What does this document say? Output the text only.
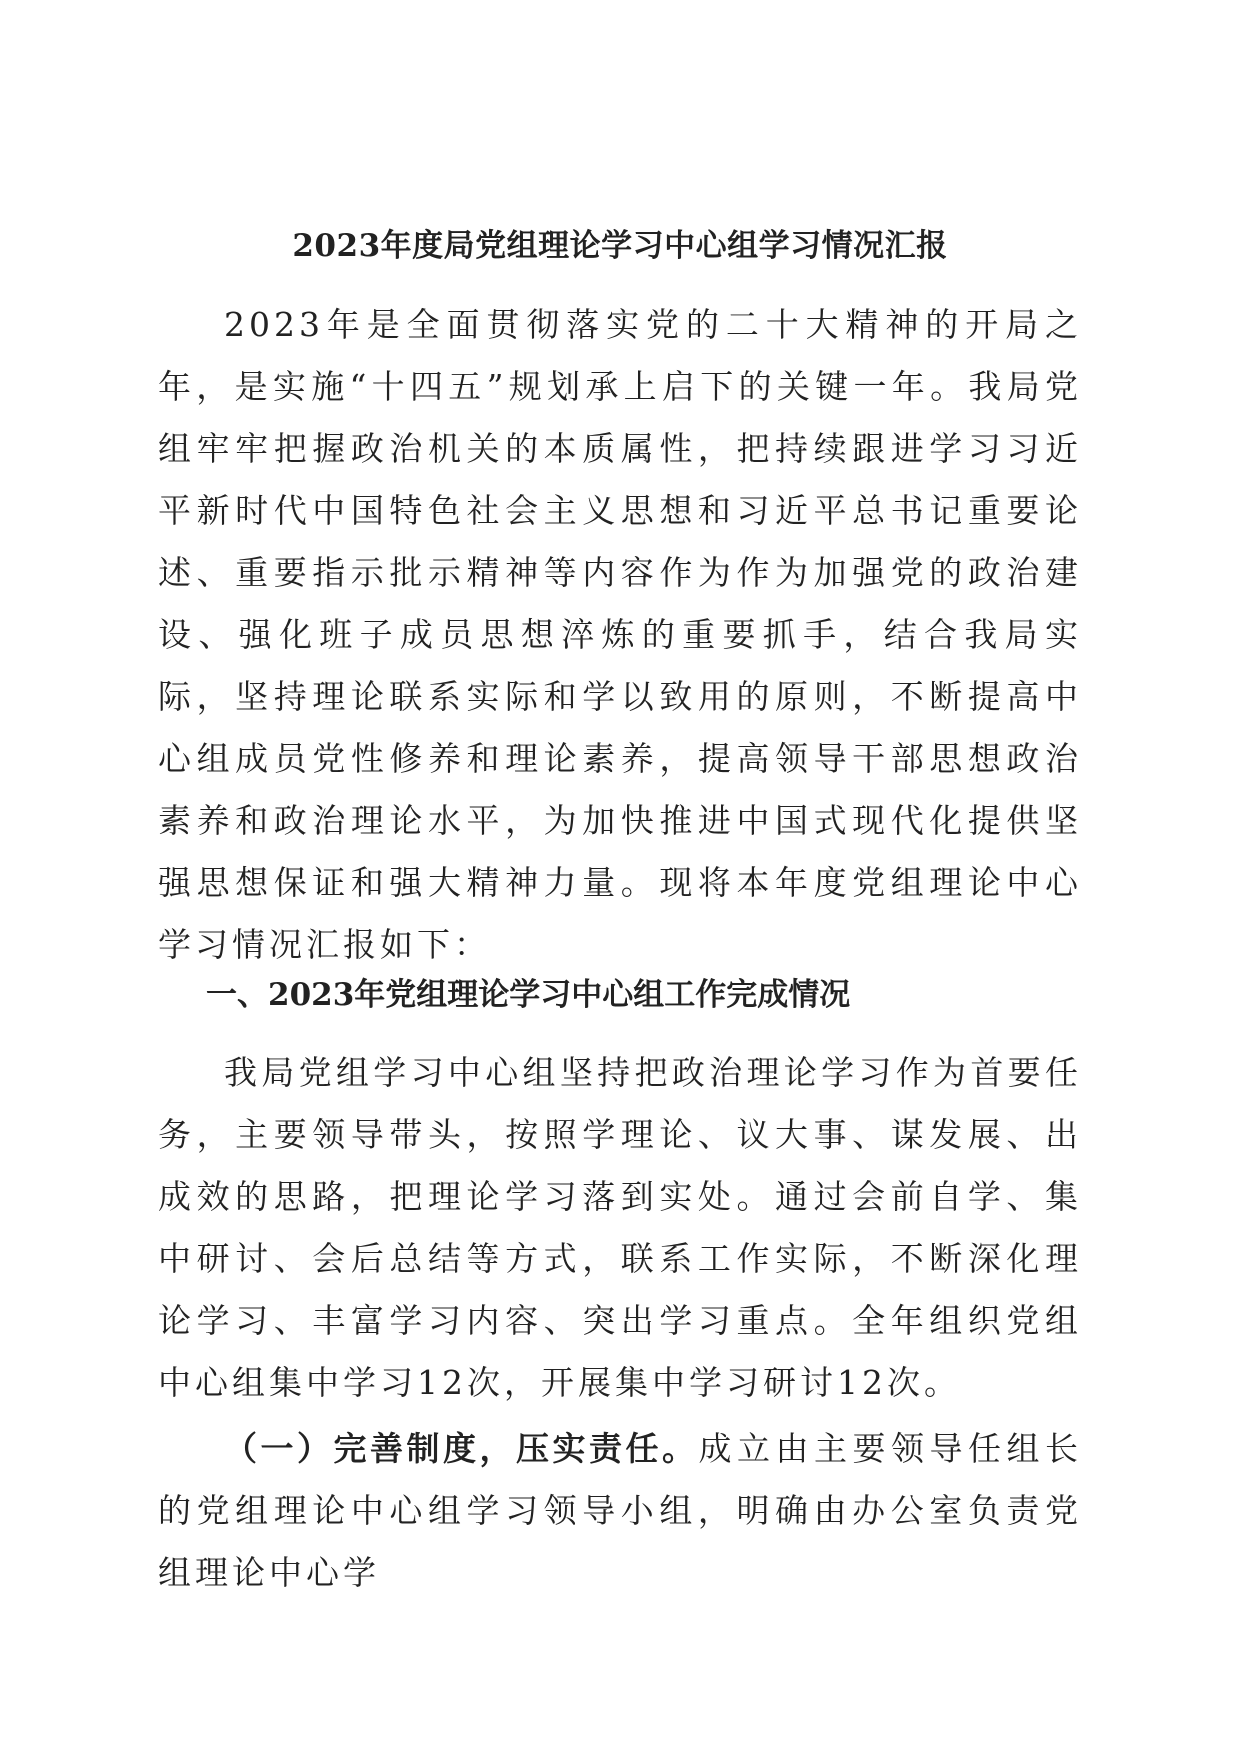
2023年度局党组理论学习中心组学习情况汇报

2023年是全面贯彻落实党的二十大精神的开局之年，是实施“十四五”规划承上启下的关键一年。我局党组牢牢把握政治机关的本质属性，把持续跟进学习习近平新时代中国特色社会主义思想和习近平总书记重要论述、重要指示批示精神等内容作为作为加强党的政治建设、强化班子成员思想淬炼的重要抓手，结合我局实际，坚持理论联系实际和学以致用的原则，不断提高中心组成员党性修养和理论素养，提高领导干部思想政治素养和政治理论水平，为加快推进中国式现代化提供坚强思想保证和强大精神力量。现将本年度党组理论中心学习情况汇报如下：

一、2023年党组理论学习中心组工作完成情况

我局党组学习中心组坚持把政治理论学习作为首要任务，主要领导带头，按照学理论、议大事、谋发展、出成效的思路，把理论学习落到实处。通过会前自学、集中研讨、会后总结等方式，联系工作实际，不断深化理论学习、丰富学习内容、突出学习重点。全年组织党组中心组集中学习12次，开展集中学习研讨12次。

（一）完善制度，压实责任。成立由主要领导任组长的党组理论中心组学习领导小组，明确由办公室负责党组理论中心学
